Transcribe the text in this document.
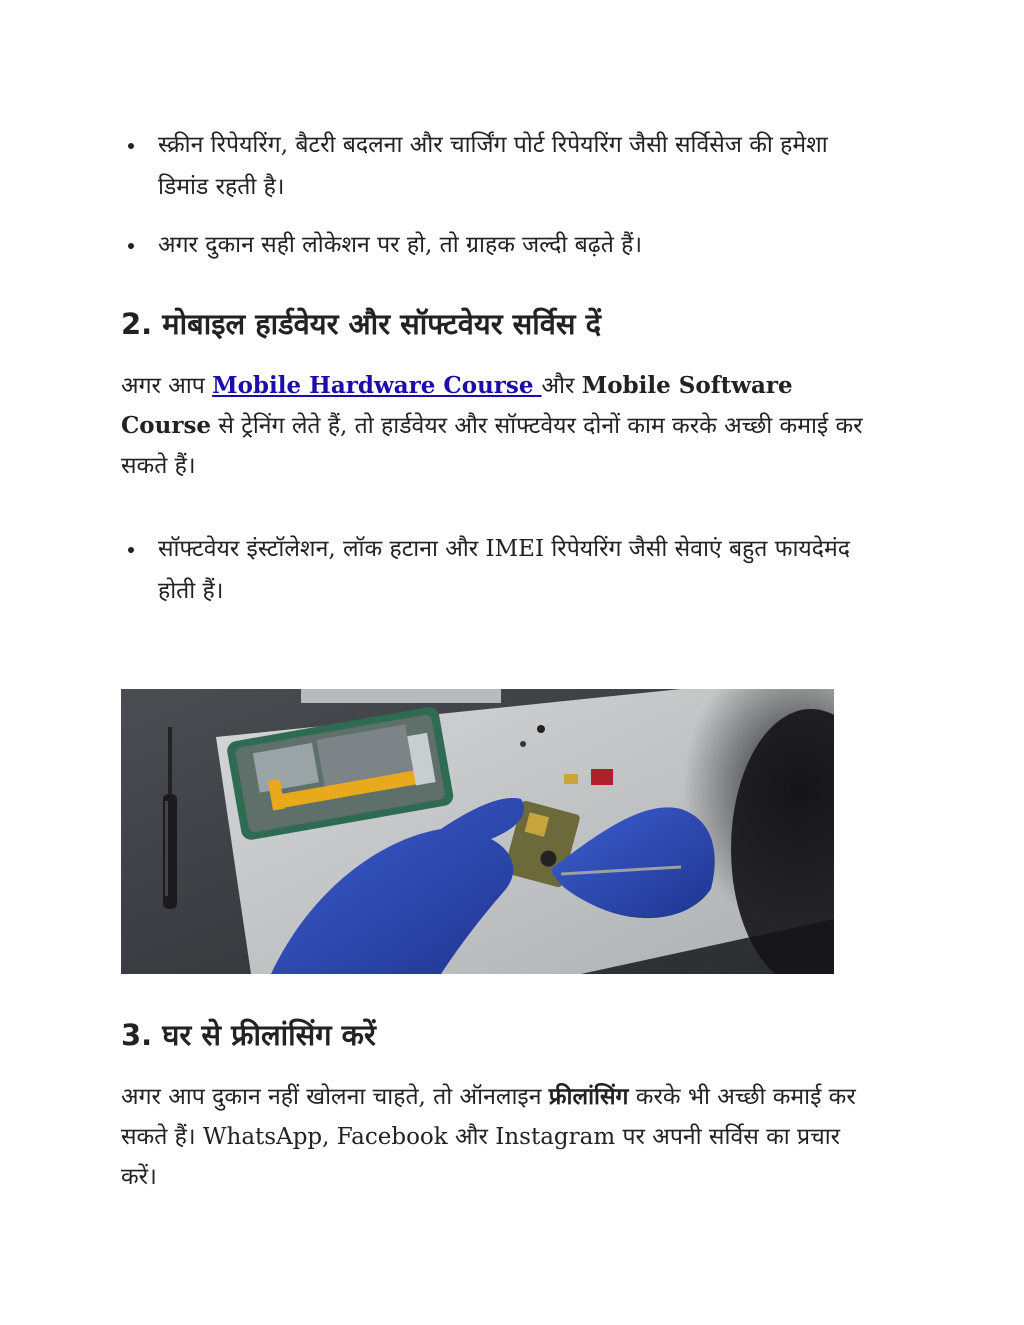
स्क्रीन रिपेयरिंग, बैटरी बदलना और चार्जिंग पोर्ट रिपेयरिंग जैसी सर्विसेज की हमेशा डिमांड रहती है।
अगर दुकान सही लोकेशन पर हो, तो ग्राहक जल्दी बढ़ते हैं।
2. मोबाइल हार्डवेयर और सॉफ्टवेयर सर्विस दें

अगर आप Mobile Hardware Course और Mobile Software Course से ट्रेनिंग लेते हैं, तो हार्डवेयर और सॉफ्टवेयर दोनों काम करके अच्छी कमाई कर सकते हैं।

सॉफ्टवेयर इंस्टॉलेशन, लॉक हटाना और IMEI रिपेयरिंग जैसी सेवाएं बहुत फायदेमंद होती हैं।
3. घर से फ्रीलांसिंग करें

अगर आप दुकान नहीं खोलना चाहते, तो ऑनलाइन फ्रीलांसिंग करके भी अच्छी कमाई कर सकते हैं। WhatsApp, Facebook और Instagram पर अपनी सर्विस का प्रचार करें।
